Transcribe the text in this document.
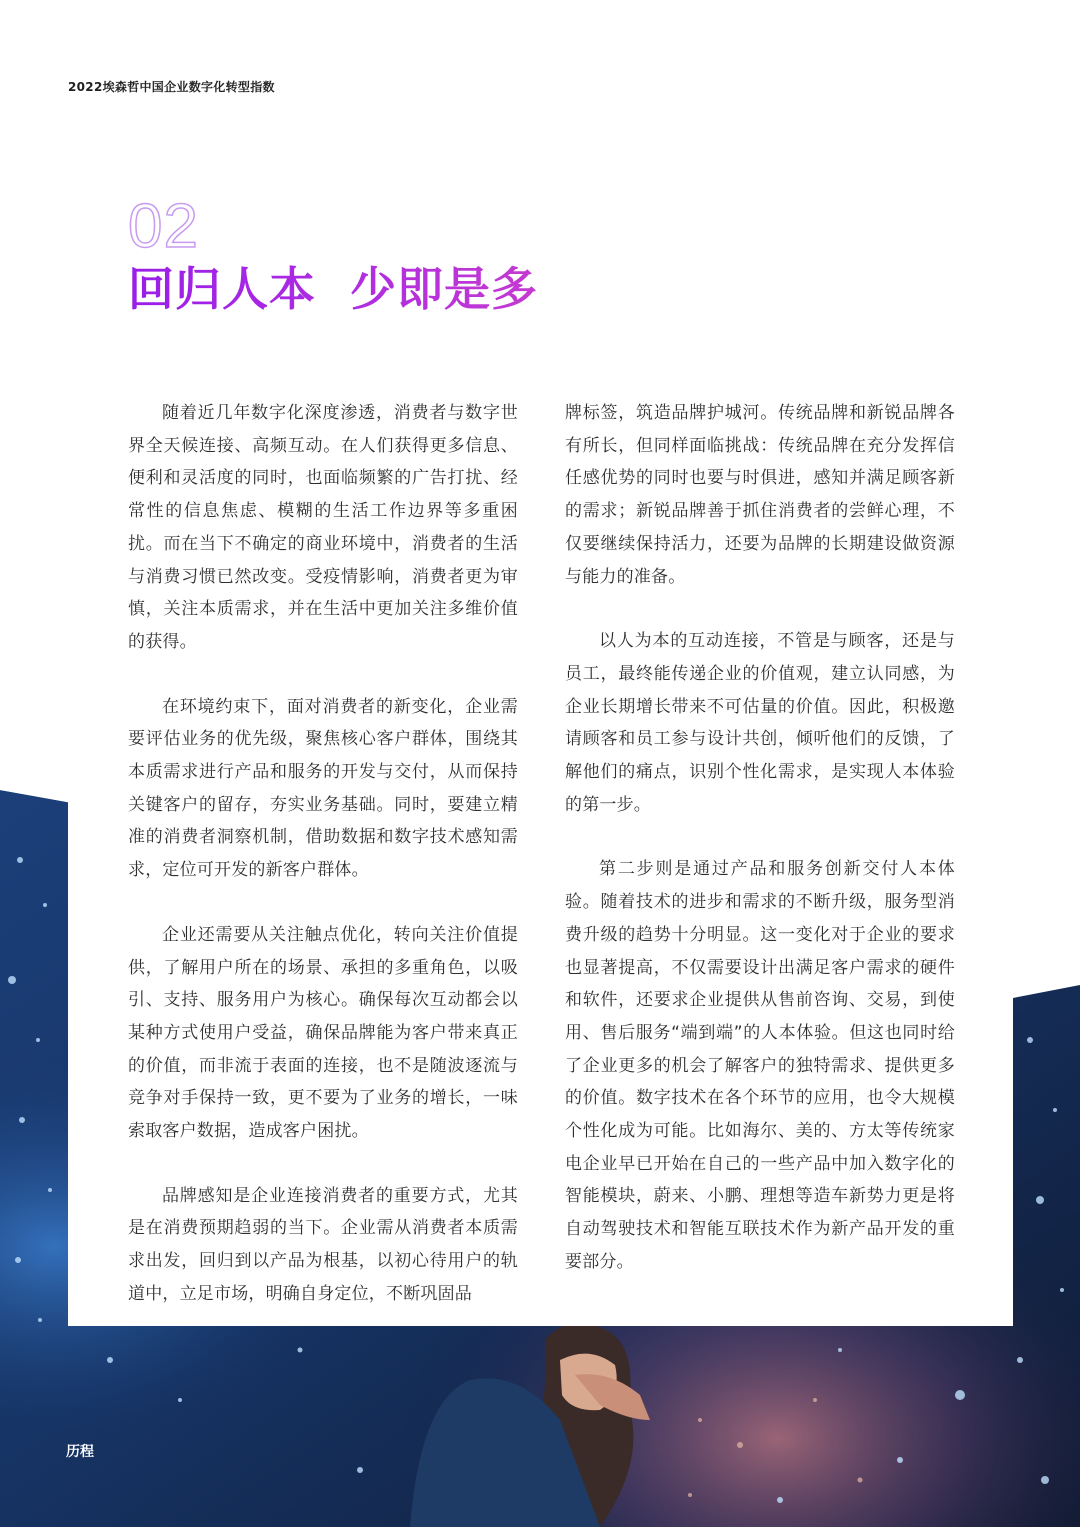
2022埃森哲中国企业数字化转型指数
02
回归人本  少即是多

随着近几年数字化深度渗透，消费者与数字世界全天候连接、高频互动。在人们获得更多信息、便利和灵活度的同时，也面临频繁的广告打扰、经常性的信息焦虑、模糊的生活工作边界等多重困扰。而在当下不确定的商业环境中，消费者的生活与消费习惯已然改变。受疫情影响，消费者更为审慎，关注本质需求，并在生活中更加关注多维价值的获得。

在环境约束下，面对消费者的新变化，企业需要评估业务的优先级，聚焦核心客户群体，围绕其本质需求进行产品和服务的开发与交付，从而保持关键客户的留存，夯实业务基础。同时，要建立精准的消费者洞察机制，借助数据和数字技术感知需求，定位可开发的新客户群体。

企业还需要从关注触点优化，转向关注价值提供，了解用户所在的场景、承担的多重角色，以吸引、支持、服务用户为核心。确保每次互动都会以某种方式使用户受益，确保品牌能为客户带来真正的价值，而非流于表面的连接，也不是随波逐流与竞争对手保持一致，更不要为了业务的增长，一味索取客户数据，造成客户困扰。

品牌感知是企业连接消费者的重要方式，尤其是在消费预期趋弱的当下。企业需从消费者本质需求出发，回归到以产品为根基，以初心待用户的轨道中，立足市场，明确自身定位，不断巩固品

牌标签，筑造品牌护城河。传统品牌和新锐品牌各有所长，但同样面临挑战：传统品牌在充分发挥信任感优势的同时也要与时俱进，感知并满足顾客新的需求；新锐品牌善于抓住消费者的尝鲜心理，不仅要继续保持活力，还要为品牌的长期建设做资源与能力的准备。

以人为本的互动连接，不管是与顾客，还是与员工，最终能传递企业的价值观，建立认同感，为企业长期增长带来不可估量的价值。因此，积极邀请顾客和员工参与设计共创，倾听他们的反馈，了解他们的痛点，识别个性化需求，是实现人本体验的第一步。

第二步则是通过产品和服务创新交付人本体验。随着技术的进步和需求的不断升级，服务型消费升级的趋势十分明显。这一变化对于企业的要求也显著提高，不仅需要设计出满足客户需求的硬件和软件，还要求企业提供从售前咨询、交易，到使用、售后服务“端到端”的人本体验。但这也同时给了企业更多的机会了解客户的独特需求、提供更多的价值。数字技术在各个环节的应用，也令大规模个性化成为可能。比如海尔、美的、方太等传统家电企业早已开始在自己的一些产品中加入数字化的智能模块，蔚来、小鹏、理想等造车新势力更是将自动驾驶技术和智能互联技术作为新产品开发的重要部分。

历程
